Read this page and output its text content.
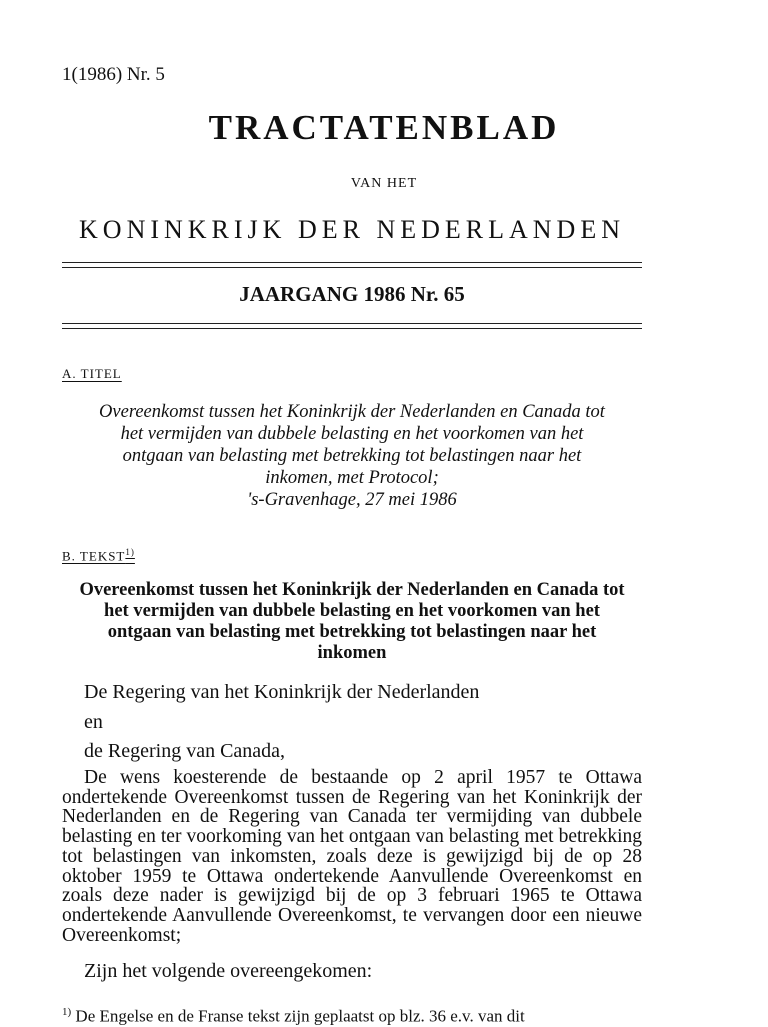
1(1986) Nr. 5
TRACTATENBLAD
VAN HET
KONINKRIJK DER NEDERLANDEN
JAARGANG 1986 Nr. 65
A. TITEL
Overeenkomst tussen het Koninkrijk der Nederlanden en Canada tot
het vermijden van dubbele belasting en het voorkomen van het
ontgaan van belasting met betrekking tot belastingen naar het
inkomen, met Protocol;
's-Gravenhage, 27 mei 1986
B. TEKST$^{1)}$
Overeenkomst tussen het Koninkrijk der Nederlanden en Canada tot
het vermijden van dubbele belasting en het voorkomen van het
ontgaan van belasting met betrekking tot belastingen naar het
inkomen
De Regering van het Koninkrijk der Nederlanden
en
de Regering van Canada,
De wens koesterende de bestaande op 2 april 1957 te Ottawa ondertekende Overeenkomst tussen de Regering van het Koninkrijk der Nederlanden en de Regering van Canada ter vermijding van dubbele belasting en ter voorkoming van het ontgaan van belasting met betrekking tot belastingen van inkomsten, zoals deze is gewijzigd bij de op 28 oktober 1959 te Ottawa ondertekende Aanvullende Overeenkomst en zoals deze nader is gewijzigd bij de op 3 februari 1965 te Ottawa ondertekende Aanvullende Overeenkomst, te vervangen door een nieuwe Overeenkomst;
Zijn het volgende overeengekomen:
$^{1)}$ De Engelse en de Franse tekst zijn geplaatst op blz. 36 e.v. van dit
